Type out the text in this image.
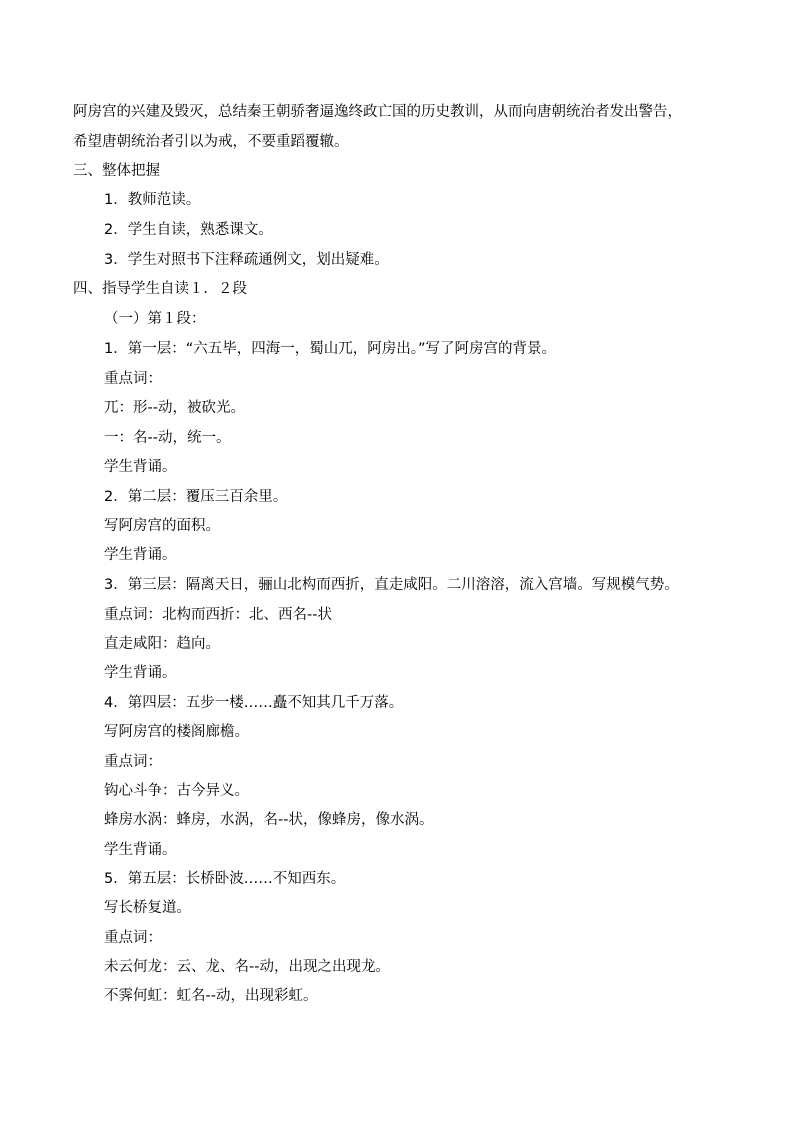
阿房宫的兴建及毁灭，总结秦王朝骄奢逼逸终政亡国的历史教训，从而向唐朝统治者发出警告，
希望唐朝统治者引以为戒，不要重蹈覆辙。
三、整体把握
1．教师范读。
2．学生自读，熟悉课文。
3．学生对照书下注释疏通例文，划出疑难。
四、指导学生自读１．２段
（一）第１段：
1．第一层：“六五毕，四海一，蜀山兀，阿房出。”写了阿房宫的背景。
重点词：
兀：形--动，被砍光。
一：名--动，统一。
学生背诵。
2．第二层：覆压三百余里。
写阿房宫的面积。
学生背诵。
3．第三层：隔离天日，骊山北构而西折，直走咸阳。二川溶溶，流入宫墙。写规模气势。
重点词：北构而西折：北、西名--状
直走咸阳：趋向。
学生背诵。
4．第四层：五步一楼……矗不知其几千万落。
写阿房宫的楼阁廊檐。
重点词：
钩心斗争：古今异义。
蜂房水涡：蜂房，水涡，名--状，像蜂房，像水涡。
学生背诵。
5．第五层：长桥卧波……不知西东。
写长桥复道。
重点词：
未云何龙：云、龙、名--动，出现之出现龙。
不霁何虹：虹名--动，出现彩虹。
